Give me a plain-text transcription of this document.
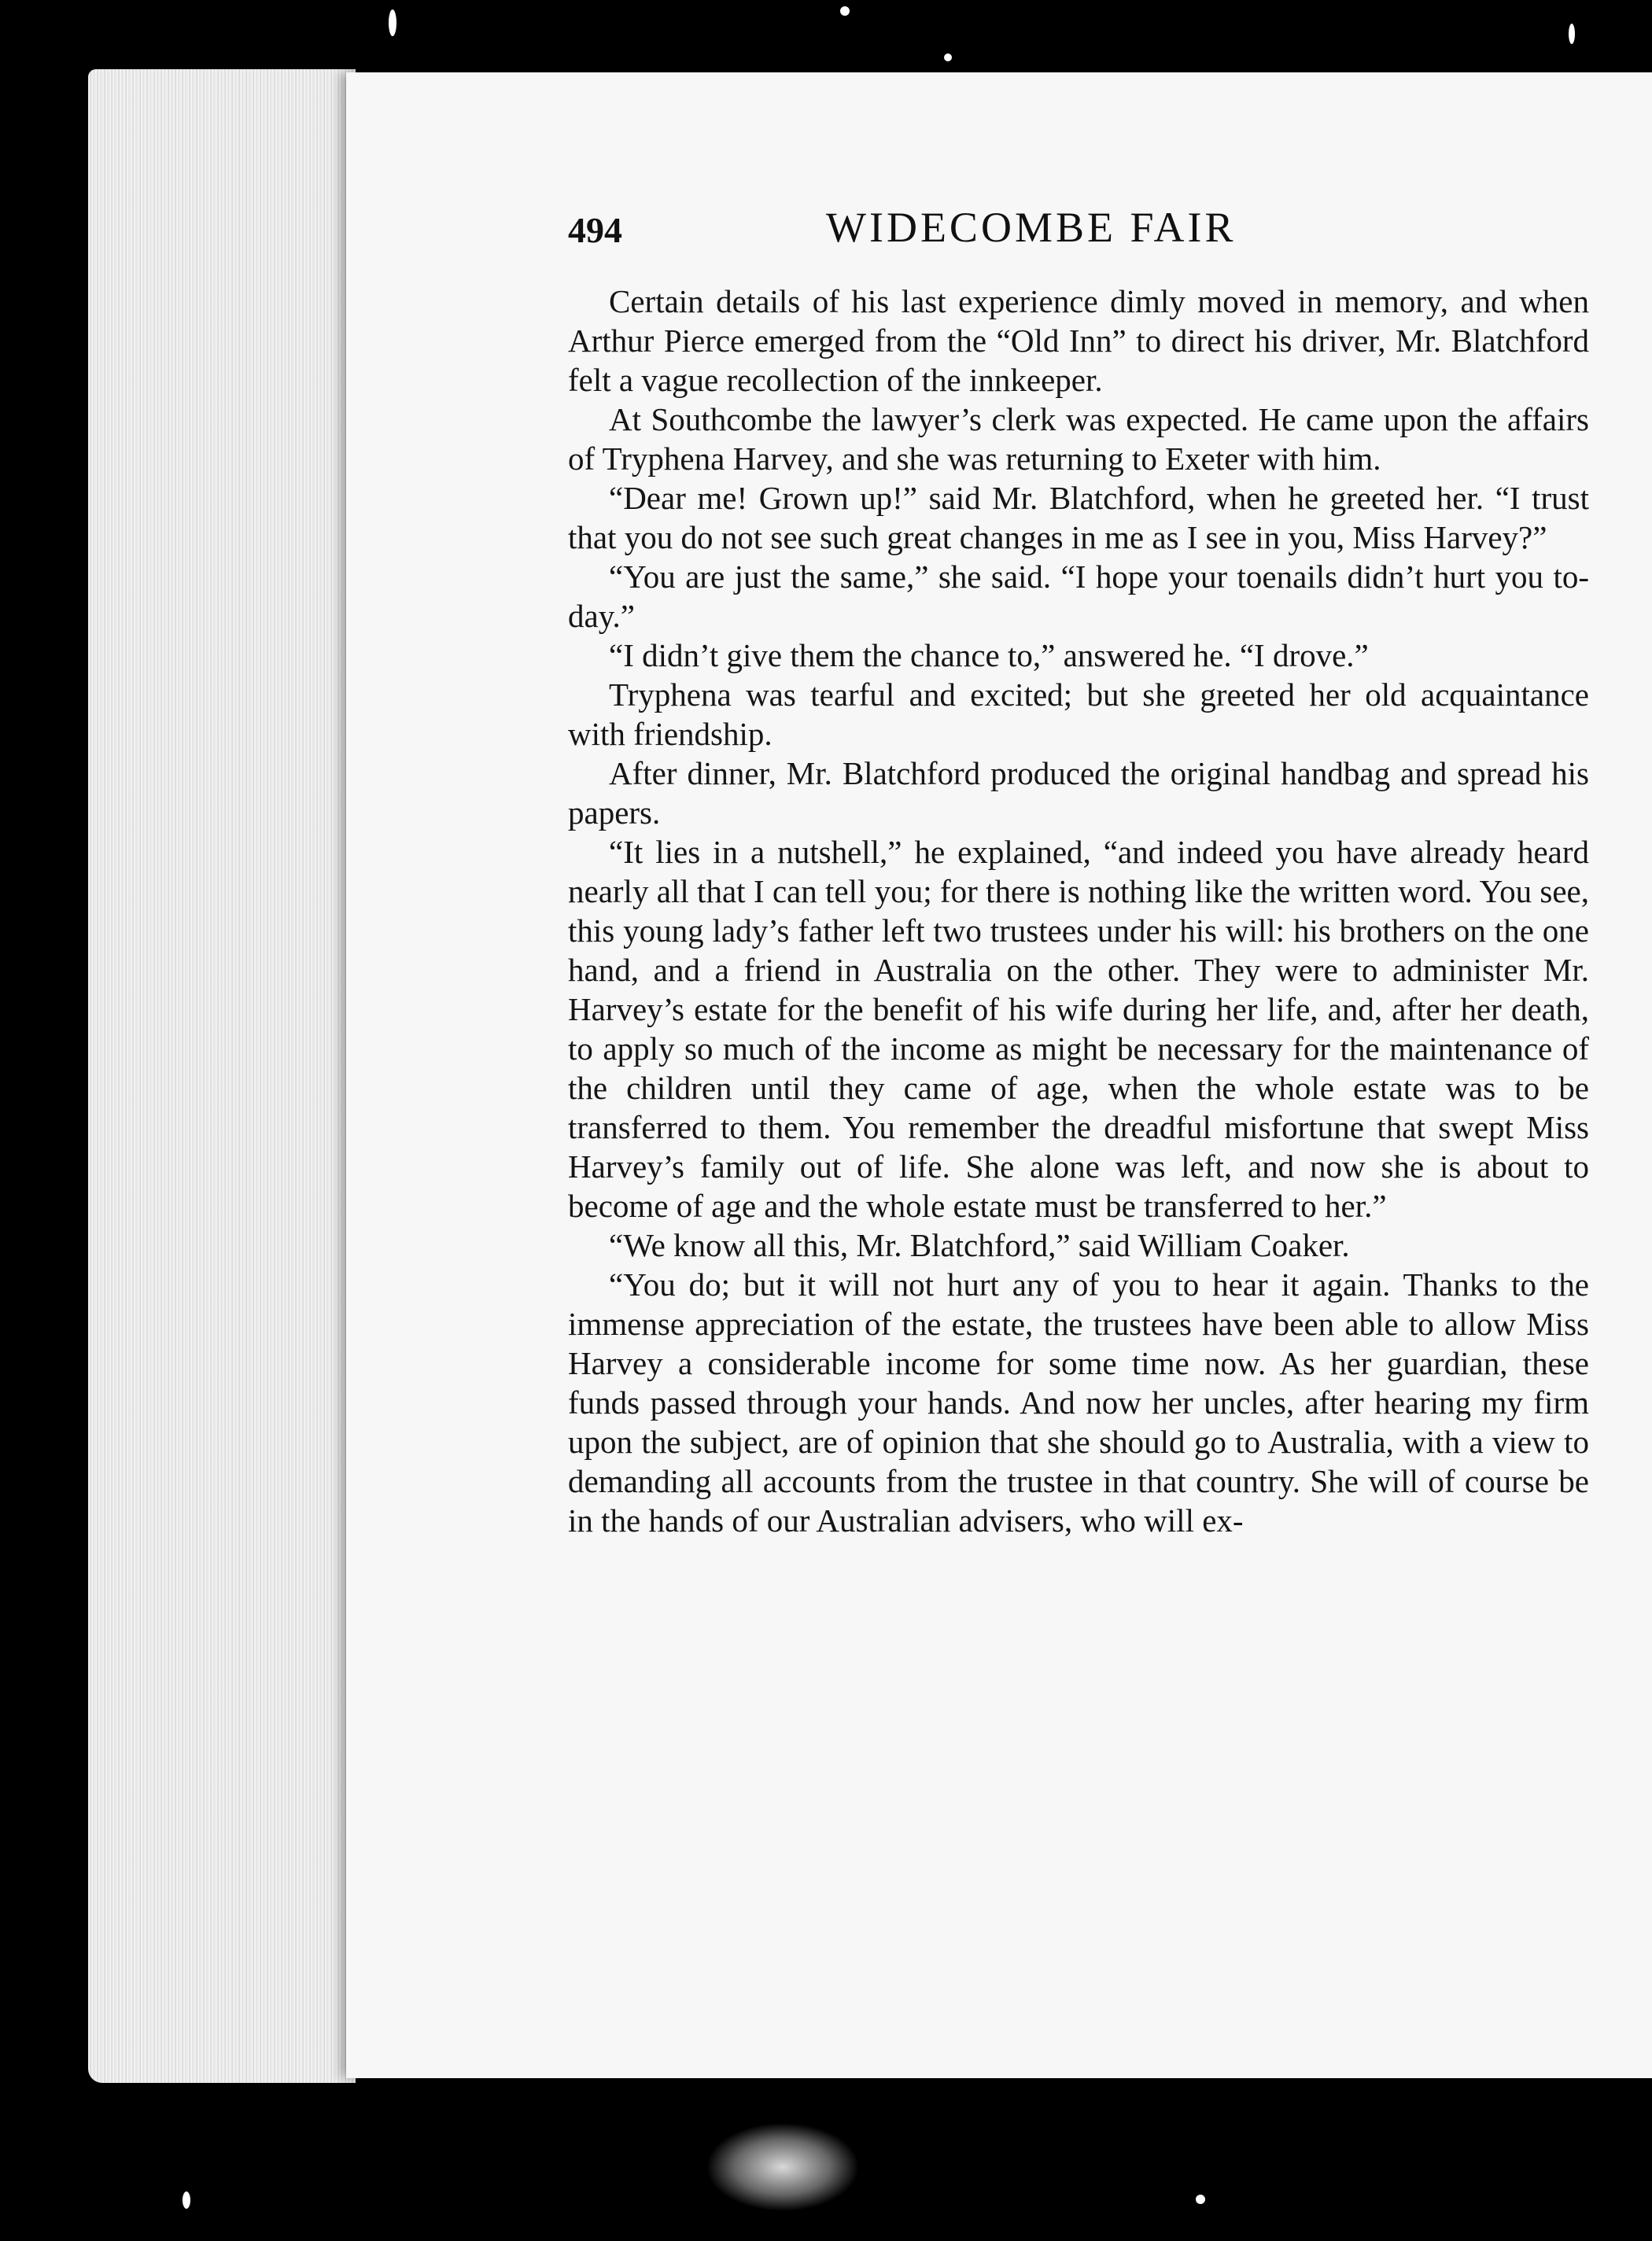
494	WIDECOMBE FAIR

Certain details of his last experience dimly moved in memory, and when Arthur Pierce emerged from the “Old Inn” to direct his driver, Mr. Blatchford felt a vague recollection of the innkeeper.

At Southcombe the lawyer’s clerk was expected. He came upon the affairs of Tryphena Harvey, and she was returning to Exeter with him.

“Dear me! Grown up!” said Mr. Blatchford, when he greeted her. “I trust that you do not see such great changes in me as I see in you, Miss Harvey?”

“You are just the same,” she said. “I hope your toenails didn’t hurt you to-day.”

“I didn’t give them the chance to,” answered he. “I drove.”

Tryphena was tearful and excited; but she greeted her old acquaintance with friendship.

After dinner, Mr. Blatchford produced the original handbag and spread his papers.

“It lies in a nutshell,” he explained, “and indeed you have already heard nearly all that I can tell you; for there is nothing like the written word. You see, this young lady’s father left two trustees under his will: his brothers on the one hand, and a friend in Australia on the other. They were to administer Mr. Harvey’s estate for the benefit of his wife during her life, and, after her death, to apply so much of the income as might be necessary for the maintenance of the children until they came of age, when the whole estate was to be transferred to them. You remember the dreadful misfortune that swept Miss Harvey’s family out of life. She alone was left, and now she is about to become of age and the whole estate must be transferred to her.”

“We know all this, Mr. Blatchford,” said William Coaker.

“You do; but it will not hurt any of you to hear it again. Thanks to the immense appreciation of the estate, the trustees have been able to allow Miss Harvey a considerable income for some time now. As her guardian, these funds passed through your hands. And now her uncles, after hearing my firm upon the subject, are of opinion that she should go to Australia, with a view to demanding all accounts from the trustee in that country. She will of course be in the hands of our Australian advisers, who will ex-
